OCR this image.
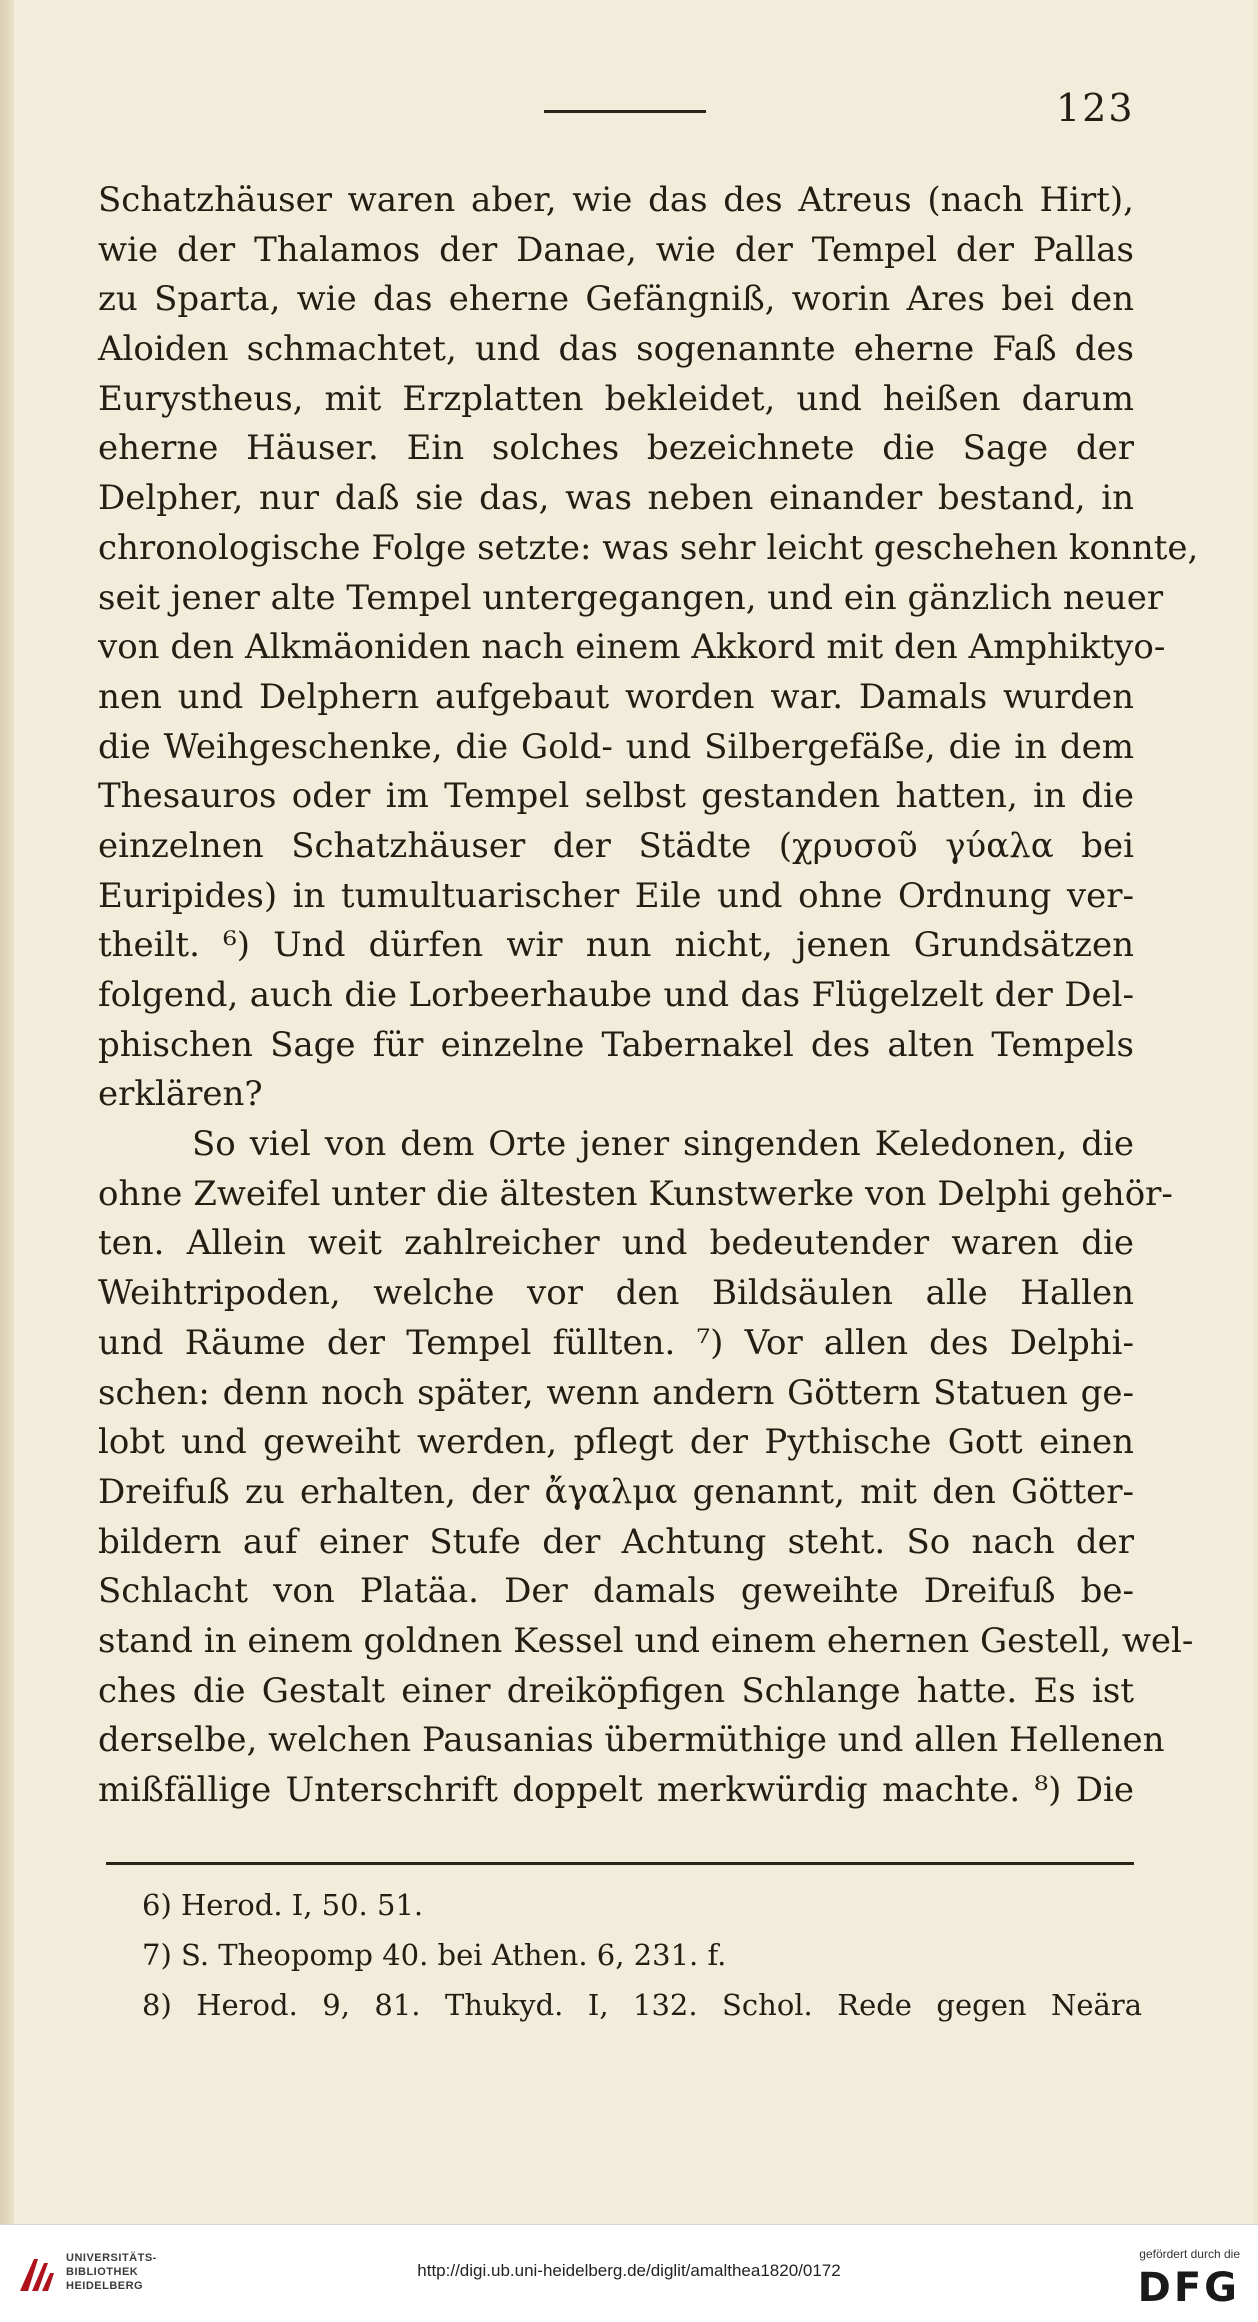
123
Schatzhäuser waren aber, wie das des Atreus (nach Hirt),
wie der Thalamos der Danae, wie der Tempel der Pallas
zu Sparta, wie das eherne Gefängniß, worin Ares bei den
Aloiden schmachtet, und das sogenannte eherne Faß des
Eurystheus, mit Erzplatten bekleidet, und heißen darum
eherne Häuser. Ein solches bezeichnete die Sage der
Delpher, nur daß sie das, was neben einander bestand, in
chronologische Folge setzte: was sehr leicht geschehen konnte,
seit jener alte Tempel untergegangen, und ein gänzlich neuer
von den Alkmäoniden nach einem Akkord mit den Amphiktyo-
nen und Delphern aufgebaut worden war. Damals wurden
die Weihgeschenke, die Gold- und Silbergefäße, die in dem
Thesauros oder im Tempel selbst gestanden hatten, in die
einzelnen Schatzhäuser der Städte (χρυσοῦ γύαλα bei
Euripides) in tumultuarischer Eile und ohne Ordnung ver-
theilt. ⁶) Und dürfen wir nun nicht, jenen Grundsätzen
folgend, auch die Lorbeerhaube und das Flügelzelt der Del-
phischen Sage für einzelne Tabernakel des alten Tempels
erklären?
So viel von dem Orte jener singenden Keledonen, die
ohne Zweifel unter die ältesten Kunstwerke von Delphi gehör-
ten. Allein weit zahlreicher und bedeutender waren die
Weihtripoden, welche vor den Bildsäulen alle Hallen
und Räume der Tempel füllten. ⁷) Vor allen des Delphi-
schen: denn noch später, wenn andern Göttern Statuen ge-
lobt und geweiht werden, pflegt der Pythische Gott einen
Dreifuß zu erhalten, der ἄγαλμα genannt, mit den Götter-
bildern auf einer Stufe der Achtung steht. So nach der
Schlacht von Platäa. Der damals geweihte Dreifuß be-
stand in einem goldnen Kessel und einem ehernen Gestell, wel-
ches die Gestalt einer dreiköpfigen Schlange hatte. Es ist
derselbe, welchen Pausanias übermüthige und allen Hellenen
mißfällige Unterschrift doppelt merkwürdig machte. ⁸) Die
6) Herod. I, 50. 51.
7) S. Theopomp 40. bei Athen. 6, 231. f.
8) Herod. 9, 81. Thukyd. I, 132. Schol. Rede gegen Neära
UNIVERSITÄTS-
BIBLIOTHEK
HEIDELBERG
http://digi.ub.uni-heidelberg.de/diglit/amalthea1820/0172
gefördert durch die
DFG
